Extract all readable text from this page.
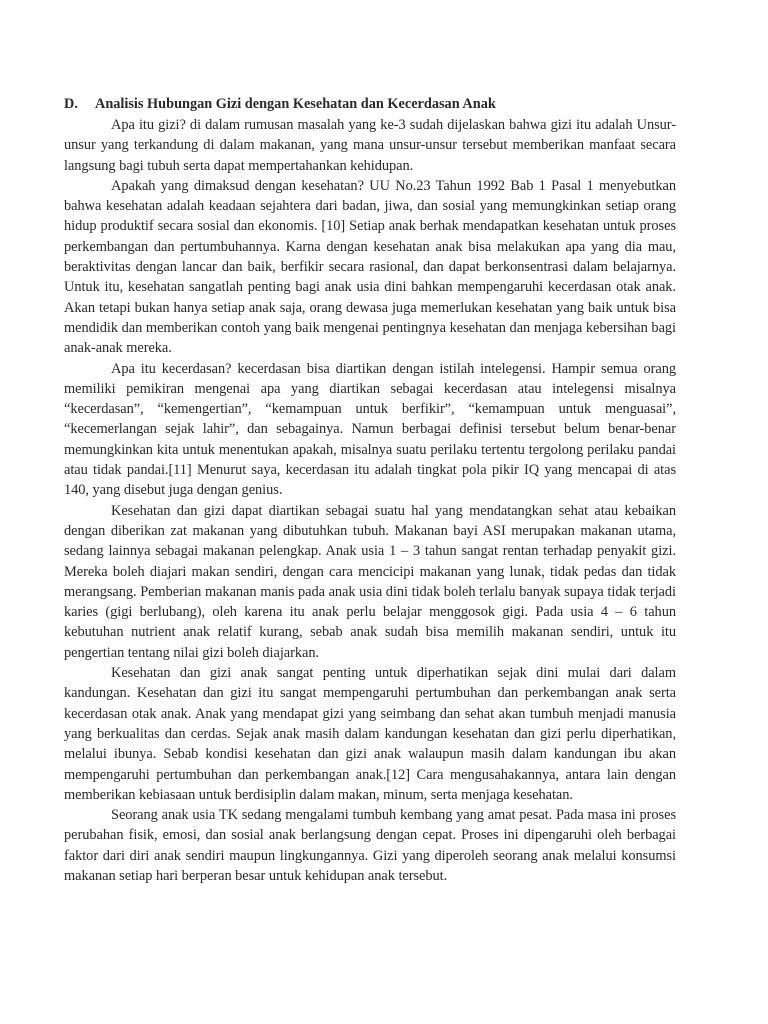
D.	Analisis Hubungan Gizi dengan Kesehatan dan Kecerdasan Anak

Apa itu gizi? di dalam rumusan masalah yang ke-3 sudah dijelaskan bahwa gizi itu adalah Unsur-unsur yang terkandung di dalam makanan, yang mana unsur-unsur tersebut memberikan manfaat secara langsung bagi tubuh serta dapat mempertahankan kehidupan.

Apakah yang dimaksud dengan kesehatan? UU No.23 Tahun 1992 Bab 1 Pasal 1 menyebutkan bahwa kesehatan adalah keadaan sejahtera dari badan, jiwa, dan sosial yang memungkinkan setiap orang hidup produktif secara sosial dan ekonomis. [10] Setiap anak berhak mendapatkan kesehatan untuk proses perkembangan dan pertumbuhannya. Karna dengan kesehatan anak bisa melakukan apa yang dia mau, beraktivitas dengan lancar dan baik, berfikir secara rasional, dan dapat berkonsentrasi dalam belajarnya. Untuk itu, kesehatan sangatlah penting bagi anak usia dini bahkan mempengaruhi kecerdasan otak anak. Akan tetapi bukan hanya setiap anak saja, orang dewasa juga memerlukan kesehatan yang baik untuk bisa mendidik dan memberikan contoh yang baik mengenai pentingnya kesehatan dan menjaga kebersihan bagi anak-anak mereka.

Apa itu kecerdasan? kecerdasan bisa diartikan dengan istilah intelegensi. Hampir semua orang memiliki pemikiran mengenai apa yang diartikan sebagai kecerdasan atau intelegensi misalnya “kecerdasan”, “kemengertian”, “kemampuan untuk berfikir”, “kemampuan untuk menguasai”, “kecemerlangan sejak lahir”, dan sebagainya. Namun berbagai definisi tersebut belum benar-benar memungkinkan kita untuk menentukan apakah, misalnya suatu perilaku tertentu tergolong perilaku pandai atau tidak pandai.[11] Menurut saya, kecerdasan itu adalah tingkat pola pikir IQ yang mencapai di atas 140, yang disebut juga dengan genius.

Kesehatan dan gizi dapat diartikan sebagai suatu hal yang mendatangkan sehat atau kebaikan dengan diberikan zat makanan yang dibutuhkan tubuh. Makanan bayi ASI merupakan makanan utama, sedang lainnya sebagai makanan pelengkap. Anak usia 1 – 3 tahun sangat rentan terhadap penyakit gizi. Mereka boleh diajari makan sendiri, dengan cara mencicipi makanan yang lunak, tidak pedas dan tidak merangsang. Pemberian makanan manis pada anak usia dini tidak boleh terlalu banyak supaya tidak terjadi karies (gigi berlubang), oleh karena itu anak perlu belajar menggosok gigi. Pada usia 4 – 6 tahun kebutuhan nutrient anak relatif kurang, sebab anak sudah bisa memilih makanan sendiri, untuk itu pengertian tentang nilai gizi boleh diajarkan.

Kesehatan dan gizi anak sangat penting untuk diperhatikan sejak dini mulai dari dalam kandungan. Kesehatan dan gizi itu sangat mempengaruhi pertumbuhan dan perkembangan anak serta kecerdasan otak anak. Anak yang mendapat gizi yang seimbang dan sehat akan tumbuh menjadi manusia yang berkualitas dan cerdas. Sejak anak masih dalam kandungan kesehatan dan gizi perlu diperhatikan, melalui ibunya. Sebab kondisi kesehatan dan gizi anak walaupun masih dalam kandungan ibu akan mempengaruhi pertumbuhan dan perkembangan anak.[12] Cara mengusahakannya, antara lain dengan memberikan kebiasaan untuk berdisiplin dalam makan, minum, serta menjaga kesehatan.

Seorang anak usia TK sedang mengalami tumbuh kembang yang amat pesat. Pada masa ini proses perubahan fisik, emosi, dan sosial anak berlangsung dengan cepat. Proses ini dipengaruhi oleh berbagai faktor dari diri anak sendiri maupun lingkungannya. Gizi yang diperoleh seorang anak melalui konsumsi makanan setiap hari berperan besar untuk kehidupan anak tersebut.
